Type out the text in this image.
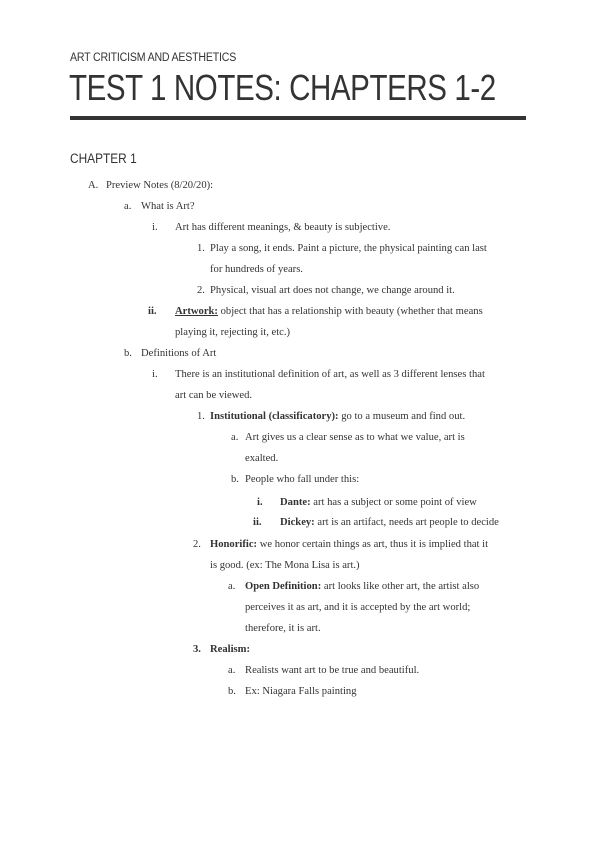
ART CRITICISM AND AESTHETICS
TEST 1 NOTES: CHAPTERS 1-2
CHAPTER 1
A. Preview Notes (8/20/20):
a. What is Art?
i. Art has different meanings, & beauty is subjective.
1. Play a song, it ends. Paint a picture, the physical painting can last
for hundreds of years.
2. Physical, visual art does not change, we change around it.
ii. Artwork: object that has a relationship with beauty (whether that means
playing it, rejecting it, etc.)
b. Definitions of Art
i. There is an institutional definition of art, as well as 3 different lenses that
art can be viewed.
1. Institutional (classificatory): go to a museum and find out.
a. Art gives us a clear sense as to what we value, art is
exalted.
b. People who fall under this:
i. Dante: art has a subject or some point of view
ii. Dickey: art is an artifact, needs art people to decide
2. Honorific: we honor certain things as art, thus it is implied that it
is good. (ex: The Mona Lisa is art.)
a. Open Definition: art looks like other art, the artist also
perceives it as art, and it is accepted by the art world;
therefore, it is art.
3. Realism:
a. Realists want art to be true and beautiful.
b. Ex: Niagara Falls painting
